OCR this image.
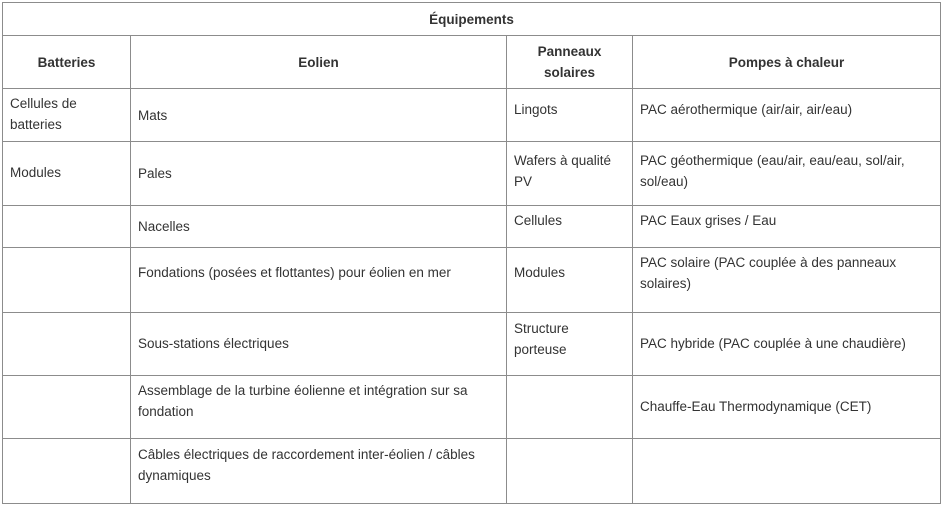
Équipements			
Batteries	Eolien	Panneaux solaires	Pompes à chaleur
Cellules de batteries	Mats	Lingots	PAC aérothermique (air/air, air/eau)
Modules	Pales	Wafers à qualité PV	PAC géothermique (eau/air, eau/eau, sol/air, sol/eau)
	Nacelles	Cellules	PAC Eaux grises / Eau
	Fondations (posées et flottantes) pour éolien en mer	Modules	PAC solaire (PAC couplée à des panneaux solaires)
	Sous-stations électriques	Structure porteuse	PAC hybride (PAC couplée à une chaudière)
	Assemblage de la turbine éolienne et intégration sur sa fondation		Chauffe-Eau Thermodynamique (CET)
	Câbles électriques de raccordement inter-éolien / câbles dynamiques		
